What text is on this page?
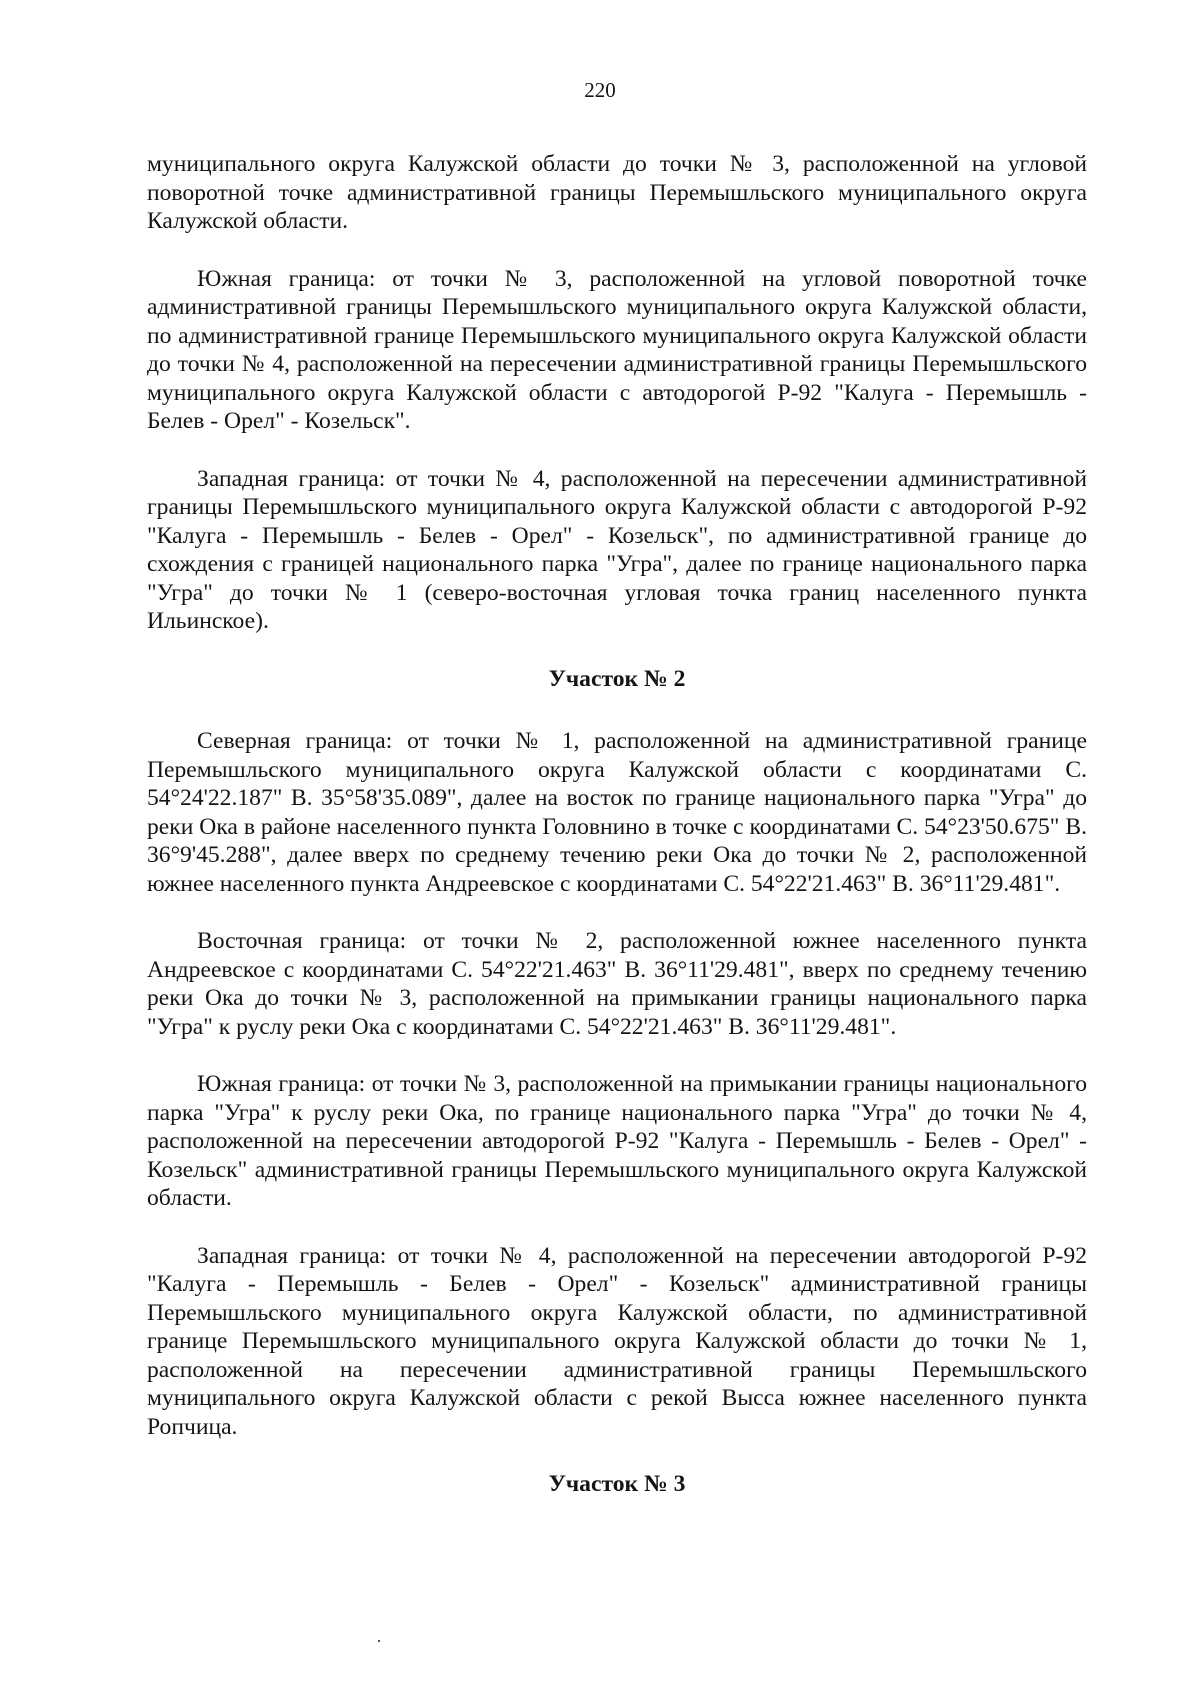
220

муниципального округа Калужской области до точки № 3, расположенной на угловой поворотной точке административной границы Перемышльского муниципального округа Калужской области.

Южная граница: от точки № 3, расположенной на угловой поворотной точке административной границы Перемышльского муниципального округа Калужской области, по административной границе Перемышльского муниципального округа Калужской области до точки № 4, расположенной на пересечении административной границы Перемышльского муниципального округа Калужской области с автодорогой Р-92 "Калуга - Перемышль - Белев - Орел" - Козельск".

Западная граница: от точки № 4, расположенной на пересечении административной границы Перемышльского муниципального округа Калужской области с автодорогой Р-92 "Калуга - Перемышль - Белев - Орел" - Козельск", по административной границе до схождения с границей национального парка "Угра", далее по границе национального парка "Угра" до точки № 1 (северо-восточная угловая точка границ населенного пункта Ильинское).

Участок № 2

Северная граница: от точки № 1, расположенной на административной границе Перемышльского муниципального округа Калужской области с координатами С. 54°24'22.187" В. 35°58'35.089", далее на восток по границе национального парка "Угра" до реки Ока в районе населенного пункта Головнино в точке с координатами С. 54°23'50.675" В. 36°9'45.288", далее вверх по среднему течению реки Ока до точки № 2, расположенной южнее населенного пункта Андреевское с координатами С. 54°22'21.463" В. 36°11'29.481".

Восточная граница: от точки № 2, расположенной южнее населенного пункта Андреевское с координатами С. 54°22'21.463" В. 36°11'29.481", вверх по среднему течению реки Ока до точки № 3, расположенной на примыкании границы национального парка "Угра" к руслу реки Ока с координатами С. 54°22'21.463" В. 36°11'29.481".

Южная граница: от точки № 3, расположенной на примыкании границы национального парка "Угра" к руслу реки Ока, по границе национального парка "Угра" до точки № 4, расположенной на пересечении автодорогой Р-92 "Калуга - Перемышль - Белев - Орел" - Козельск" административной границы Перемышльского муниципального округа Калужской области.

Западная граница: от точки № 4, расположенной на пересечении автодорогой Р-92 "Калуга - Перемышль - Белев - Орел" - Козельск" административной границы Перемышльского муниципального округа Калужской области, по административной границе Перемышльского муниципального округа Калужской области до точки № 1, расположенной на пересечении административной границы Перемышльского муниципального округа Калужской области с рекой Высса южнее населенного пункта Ропчица.

Участок № 3
